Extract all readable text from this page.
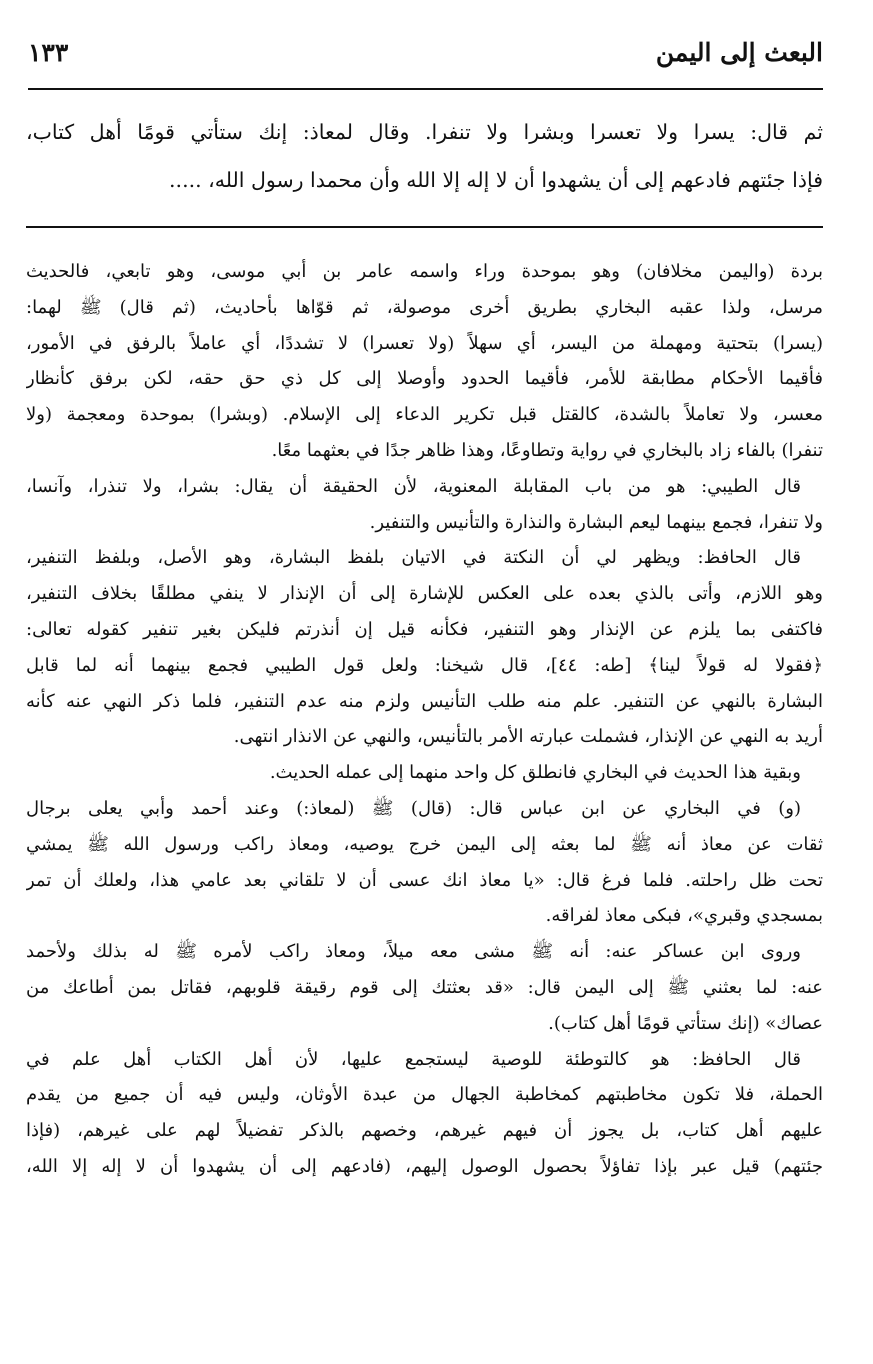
البعث إلى اليمن
١٣٣
ثم قال: يسرا ولا تعسرا وبشرا ولا تنفرا. وقال لمعاذ: إنك ستأتي قومًا أهل كتاب،
فإذا جئتهم فادعهم إلى أن يشهدوا أن لا إله إلا الله وأن محمدا رسول الله، .....‏
بردة (واليمن مخلافان) وهو بموحدة وراء واسمه عامر بن أبي موسى، وهو تابعي، فالحديث
مرسل، ولذا عقبه البخاري بطريق أخرى موصولة، ثم قوّاها بأحاديث، (ثم قال) ﷺ لهما:
(يسرا) بتحتية ومهملة من اليسر، أي سهلاً (ولا تعسرا) لا تشددًا، أي عاملاً بالرفق في الأمور،
فأقيما الأحكام مطابقة للأمر، فأقيما الحدود وأوصلا إلى كل ذي حق حقه، لكن برفق كأنظار
معسر، ولا تعاملاً بالشدة، كالقتل قبل تكرير الدعاء إلى الإسلام. (وبشرا) بموحدة ومعجمة (ولا
تنفرا) بالفاء زاد بالبخاري في رواية وتطاوعًا، وهذا ظاهر جدًا في بعثهما معًا.
قال الطيبي: هو من باب المقابلة المعنوية، لأن الحقيقة أن يقال: بشرا، ولا تنذرا، وآنسا،
ولا تنفرا، فجمع بينهما ليعم البشارة والنذارة والتأنيس والتنفير.
قال الحافظ: ويظهر لي أن النكتة في الاتيان بلفظ البشارة، وهو الأصل، وبلفظ التنفير،
وهو اللازم، وأتى بالذي بعده على العكس للإشارة إلى أن الإنذار لا ينفي مطلقًا بخلاف التنفير،
فاكتفى بما يلزم عن الإنذار وهو التنفير، فكأنه قيل إن أنذرتم فليكن بغير تنفير كقوله تعالى:
﴿فقولا له قولاً لينا﴾ [طه: ٤٤]، قال شيخنا: ولعل قول الطيبي فجمع بينهما أنه لما قابل
البشارة بالنهي عن التنفير. علم منه طلب التأنيس ولزم منه عدم التنفير، فلما ذكر النهي عنه كأنه
أريد به النهي عن الإنذار، فشملت عبارته الأمر بالتأنيس، والنهي عن الانذار انتهى.
وبقية هذا الحديث في البخاري فانطلق كل واحد منهما إلى عمله الحديث.
(و) في البخاري عن ابن عباس قال: (قال) ﷺ (لمعاذ:) وعند أحمد وأبي يعلى برجال
ثقات عن معاذ أنه ﷺ لما بعثه إلى اليمن خرج يوصيه، ومعاذ راكب ورسول الله ﷺ يمشي
تحت ظل راحلته. فلما فرغ قال: «يا معاذ انك عسى أن لا تلقاني بعد عامي هذا، ولعلك أن تمر
بمسجدي وقبري»، فبكى معاذ لفراقه.
وروى ابن عساكر عنه: أنه ﷺ مشى معه ميلاً، ومعاذ راكب لأمره ﷺ له بذلك ولأحمد
عنه: لما بعثني ﷺ إلى اليمن قال: «قد بعثتك إلى قوم رقيقة قلوبهم، فقاتل بمن أطاعك من
عصاك» (إنك ستأتي قومًا أهل كتاب).
قال الحافظ: هو كالتوطئة للوصية ليستجمع عليها، لأن أهل الكتاب أهل علم في
الحملة، فلا تكون مخاطبتهم كمخاطبة الجهال من عبدة الأوثان، وليس فيه أن جميع من يقدم
عليهم أهل كتاب، بل يجوز أن فيهم غيرهم، وخصهم بالذكر تفضيلاً لهم على غيرهم، (فإذا
جئتهم) قيل عبر بإذا تفاؤلاً بحصول الوصول إليهم، (فادعهم إلى أن يشهدوا أن لا إله إلا الله،
